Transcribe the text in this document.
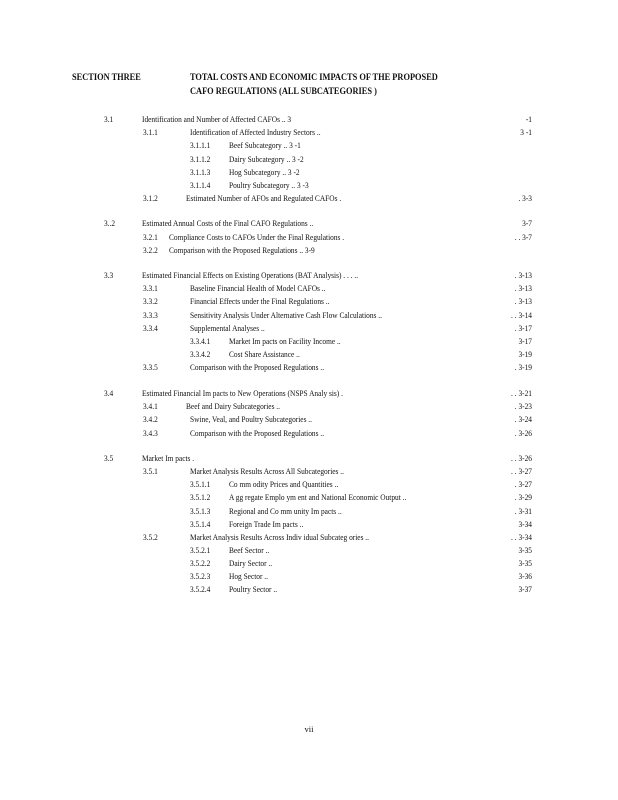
SECTION THREE	TOTAL COSTS AND ECONOMIC IMPACTS OF THE PROPOSED
CAFO REGULATIONS (ALL SUBCATEGORIES )
3.1	Identification and Number of Affected CAFOs .. 3	-1
3.1.1	Identification of Affected Industry Sectors ..	3 -1
3.1.1.1 Beef Subcategory .. 3 -1
3.1.1.2 Dairy Subcategory .. 3 -2
3.1.1.3 Hog Subcategory .. 3 -2
3.1.1.4 Poultry Subcategory .. 3 -3
3.1.2	Estimated Number of AFOs and Regulated CAFOs .	. 3-3
3..2	Estimated Annual Costs of the Final CAFO Regulations ..	3-7
3.2.1 Compliance Costs to CAFOs Under the Final Regulations .	. . 3-7
3.2.2 Comparison with the Proposed Regulations .. 3-9
3.3	Estimated Financial Effects on Existing Operations (BAT Analysis) . . . ..	. 3-13
3.3.1	Baseline Financial Health of Model CAFOs ..	. 3-13
3.3.2	Financial Effects under the Final Regulations ..	. 3-13
3.3.3	Sensitivity Analysis Under Alternative Cash Flow Calculations ..	. . 3-14
3.3.4	Supplemental Analyses ..	. 3-17
3.3.4.1 Market Im pacts on Facility Income ..	3-17
3.3.4.2 Cost Share Assistance ..	3-19
3.3.5	Comparison with the Proposed Regulations ..	. 3-19
3.4	Estimated Financial Im pacts to New Operations (NSPS Analy sis) .	. . 3-21
3.4.1	Beef and Dairy Subcategories ..	. 3-23
3.4.2	Swine, Veal, and Poultry Subcategories ..	. 3-24
3.4.3	Comparison with the Proposed Regulations ..	. 3-26
3.5	Market Im pacts .	. . 3-26
3.5.1	Market Analysis Results Across All Subcategories ..	. . 3-27
3.5.1.1 Co mm odity Prices and Quantities ..	. 3-27
3.5.1.2 A gg regate Emplo ym ent and National Economic Output ..	. 3-29
3.5.1.3 Regional and Co mm unity Im pacts ..	. 3-31
3.5.1.4 Foreign Trade Im pacts ..	3-34
3.5.2	Market Analysis Results Across Indiv idual Subcateg ories ..	. . 3-34
3.5.2.1 Beef Sector ..	3-35
3.5.2.2 Dairy Sector ..	3-35
3.5.2.3 Hog Sector ..	3-36
3.5.2.4 Poultry Sector ..	3-37
vii
